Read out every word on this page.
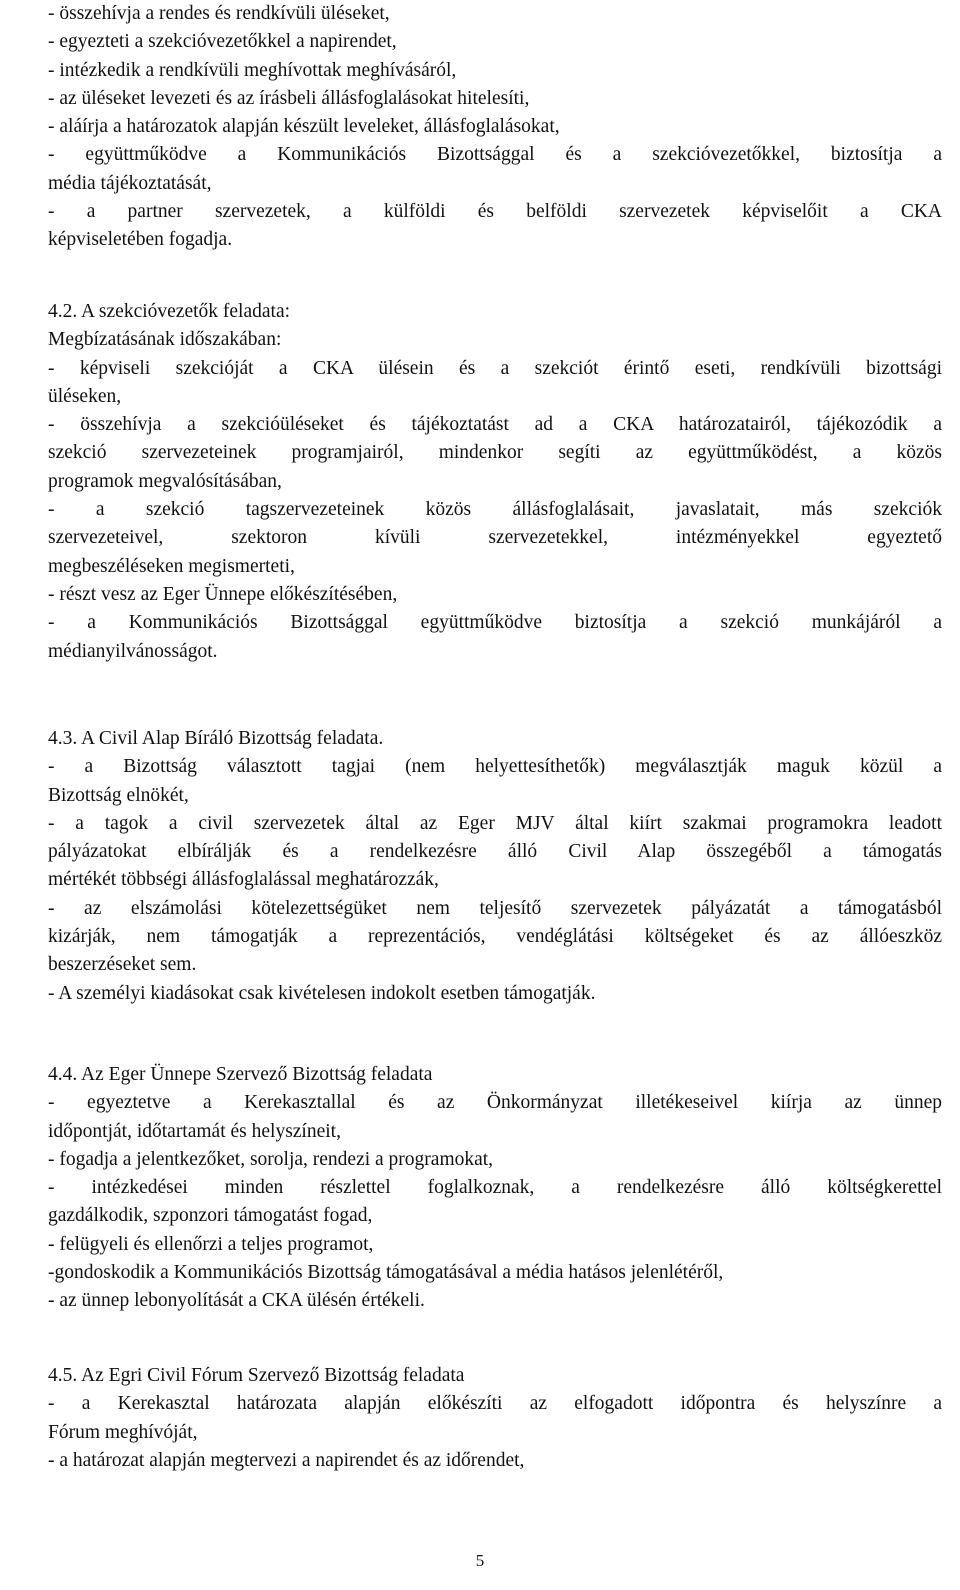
- összehívja a rendes és rendkívüli üléseket,
- egyezteti a szekcióvezetőkkel a napirendet,
- intézkedik a rendkívüli meghívottak meghívásáról,
- az üléseket levezeti és az írásbeli állásfoglalásokat hitelesíti,
- aláírja a határozatok alapján készült leveleket, állásfoglalásokat,
- együttműködve a Kommunikációs Bizottsággal és a szekcióvezetőkkel, biztosítja a
média tájékoztatását,
- a partner szervezetek, a külföldi és belföldi szervezetek képviselőit a CKA
képviseletében fogadja.
4.2. A szekcióvezetők feladata:
Megbízatásának időszakában:
- képviseli szekcióját a CKA ülésein és a szekciót érintő eseti, rendkívüli bizottsági
üléseken,
- összehívja a szekcióüléseket és tájékoztatást ad a CKA határozatairól, tájékozódik a
szekció szervezeteinek programjairól, mindenkor segíti az együttműködést, a közös
programok megvalósításában,
- a szekció tagszervezeteinek közös állásfoglalásait, javaslatait, más szekciók
szervezeteivel, szektoron kívüli szervezetekkel, intézményekkel egyeztető
megbeszéléseken megismerteti,
- részt vesz az Eger Ünnepe előkészítésében,
- a Kommunikációs Bizottsággal együttműködve biztosítja a szekció munkájáról a
médianyilvánosságot.
4.3. A Civil Alap Bíráló Bizottság feladata.
- a Bizottság választott tagjai (nem helyettesíthetők) megválasztják maguk közül a
Bizottság elnökét,
- a tagok a civil szervezetek által az Eger MJV által kiírt szakmai programokra leadott
pályázatokat elbírálják és a rendelkezésre álló Civil Alap összegéből a támogatás
mértékét többségi állásfoglalással meghatározzák,
- az elszámolási kötelezettségüket nem teljesítő szervezetek pályázatát a támogatásból
kizárják, nem támogatják a reprezentációs, vendéglátási költségeket és az állóeszköz
beszerzéseket sem.
- A személyi kiadásokat csak kivételesen indokolt esetben támogatják.
4.4. Az Eger Ünnepe Szervező Bizottság feladata
- egyeztetve a Kerekasztallal és az Önkormányzat illetékeseivel kiírja az ünnep
időpontját, időtartamát és helyszíneit,
- fogadja a jelentkezőket, sorolja, rendezi a programokat,
- intézkedései minden részlettel foglalkoznak, a rendelkezésre álló költségkerettel
gazdálkodik, szponzori támogatást fogad,
- felügyeli és ellenőrzi a teljes programot,
-gondoskodik a Kommunikációs Bizottság támogatásával a média hatásos jelenlétéről,
- az ünnep lebonyolítását a CKA ülésén értékeli.
4.5. Az Egri Civil Fórum Szervező Bizottság feladata
- a Kerekasztal határozata alapján előkészíti az elfogadott időpontra és helyszínre a
Fórum meghívóját,
- a határozat alapján megtervezi a napirendet és az időrendet,
5
